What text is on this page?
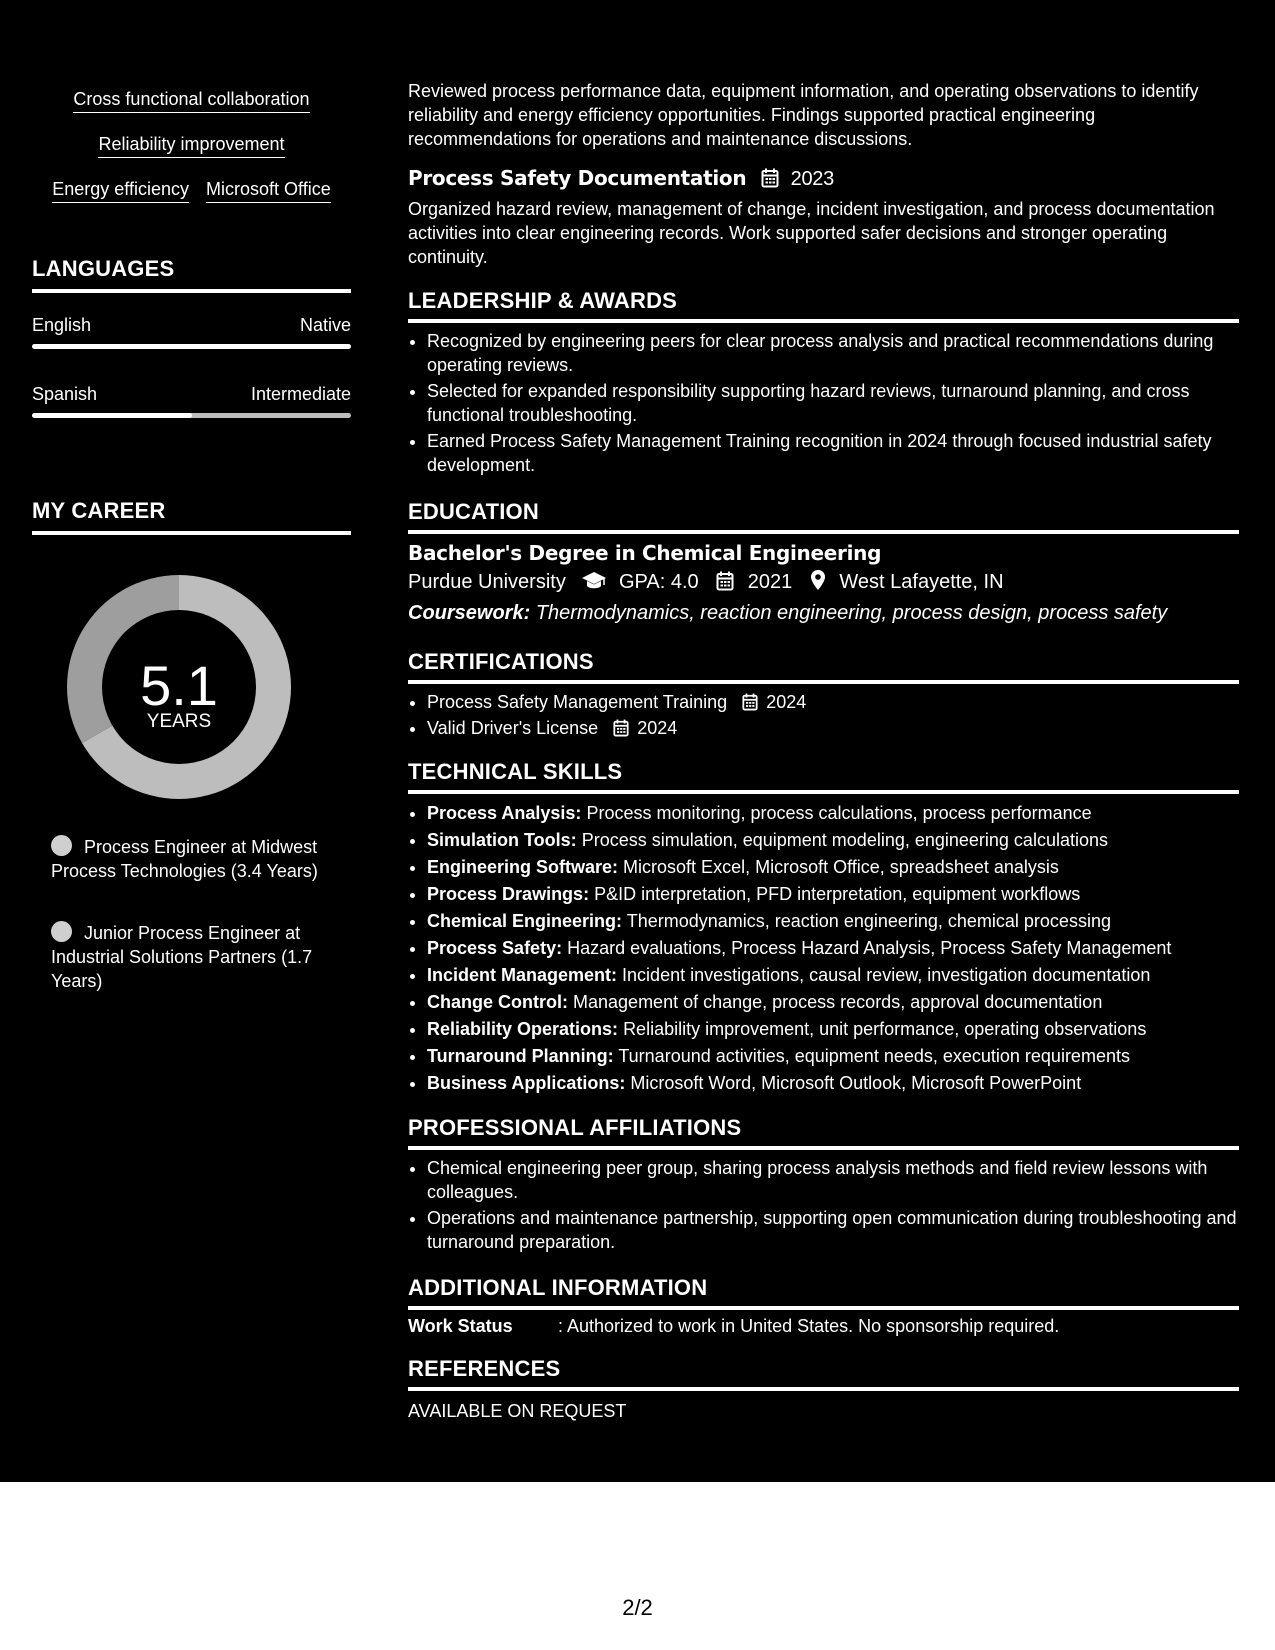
Cross functional collaboration
Reliability improvement
Energy efficiency Microsoft Office
LANGUAGES
English	Native
Spanish	Intermediate
MY CAREER
5.1
YEARS
Process Engineer at Midwest Process Technologies (3.4 Years)
Junior Process Engineer at Industrial Solutions Partners (1.7 Years)
Reviewed process performance data, equipment information, and operating observations to identify reliability and energy efficiency opportunities. Findings supported practical engineering recommendations for operations and maintenance discussions.
Process Safety Documentation 2023
Organized hazard review, management of change, incident investigation, and process documentation activities into clear engineering records. Work supported safer decisions and stronger operating continuity.
LEADERSHIP & AWARDS
• Recognized by engineering peers for clear process analysis and practical recommendations during operating reviews.
• Selected for expanded responsibility supporting hazard reviews, turnaround planning, and cross functional troubleshooting.
• Earned Process Safety Management Training recognition in 2024 through focused industrial safety development.
EDUCATION
Bachelor's Degree in Chemical Engineering
Purdue University	GPA: 4.0 2021 West Lafayette, IN
Coursework: Thermodynamics, reaction engineering, process design, process safety
CERTIFICATIONS
• Process Safety Management Training 2024
• Valid Driver's License 2024
TECHNICAL SKILLS
• Process Analysis: Process monitoring, process calculations, process performance
• Simulation Tools: Process simulation, equipment modeling, engineering calculations
• Engineering Software: Microsoft Excel, Microsoft Office, spreadsheet analysis
• Process Drawings: P&ID interpretation, PFD interpretation, equipment workflows
• Chemical Engineering: Thermodynamics, reaction engineering, chemical processing
• Process Safety: Hazard evaluations, Process Hazard Analysis, Process Safety Management
• Incident Management: Incident investigations, causal review, investigation documentation
• Change Control: Management of change, process records, approval documentation
• Reliability Operations: Reliability improvement, unit performance, operating observations
• Turnaround Planning: Turnaround activities, equipment needs, execution requirements
• Business Applications: Microsoft Word, Microsoft Outlook, Microsoft PowerPoint
PROFESSIONAL AFFILIATIONS
• Chemical engineering peer group, sharing process analysis methods and field review lessons with colleagues.
• Operations and maintenance partnership, supporting open communication during troubleshooting and turnaround preparation.
ADDITIONAL INFORMATION
Work Status	: Authorized to work in United States. No sponsorship required.
REFERENCES
AVAILABLE ON REQUEST
2/2
